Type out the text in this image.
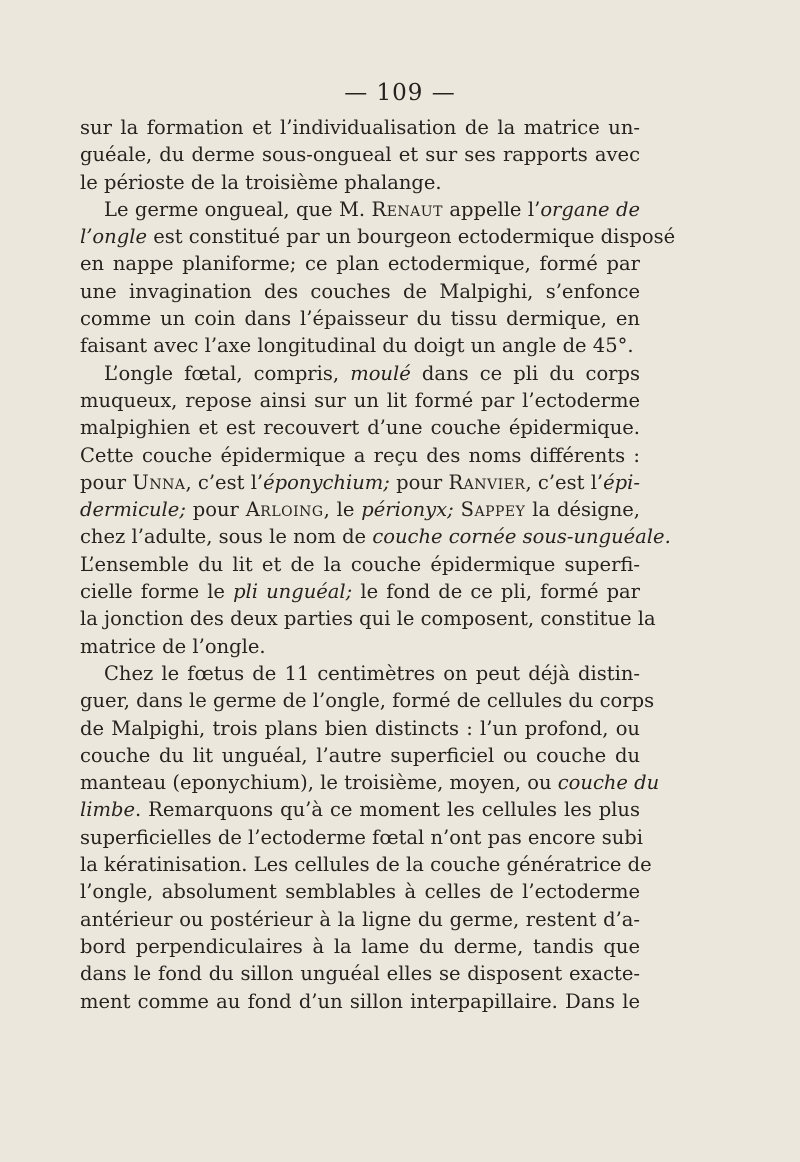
— 109 —
sur la formation et l’individualisation de la matrice un-
guéale, du derme sous-ongueal et sur ses rapports avec
le périoste de la troisième phalange.
Le germe ongueal, que M. Renaut appelle l’organe de
l’ongle est constitué par un bourgeon ectodermique disposé
en nappe planiforme; ce plan ectodermique, formé par
une invagination des couches de Malpighi, s’enfonce
comme un coin dans l’épaisseur du tissu dermique, en
faisant avec l’axe longitudinal du doigt un angle de 45°.
L’ongle fœtal, compris, moulé dans ce pli du corps
muqueux, repose ainsi sur un lit formé par l’ectoderme
malpighien et est recouvert d’une couche épidermique.
Cette couche épidermique a reçu des noms différents :
pour Unna, c’est l’éponychium; pour Ranvier, c’est l’épi-
dermicule; pour Arloing, le périonyx; Sappey la désigne,
chez l’adulte, sous le nom de couche cornée sous-unguéale.
L’ensemble du lit et de la couche épidermique superfi-
cielle forme le pli unguéal; le fond de ce pli, formé par
la jonction des deux parties qui le composent, constitue la
matrice de l’ongle.
Chez le fœtus de 11 centimètres on peut déjà distin-
guer, dans le germe de l’ongle, formé de cellules du corps
de Malpighi, trois plans bien distincts : l’un profond, ou
couche du lit unguéal, l’autre superficiel ou couche du
manteau (eponychium), le troisième, moyen, ou couche du
limbe. Remarquons qu’à ce moment les cellules les plus
superficielles de l’ectoderme fœtal n’ont pas encore subi
la kératinisation. Les cellules de la couche génératrice de
l’ongle, absolument semblables à celles de l’ectoderme
antérieur ou postérieur à la ligne du germe, restent d’a-
bord perpendiculaires à la lame du derme, tandis que
dans le fond du sillon unguéal elles se disposent exacte-
ment comme au fond d’un sillon interpapillaire. Dans le
